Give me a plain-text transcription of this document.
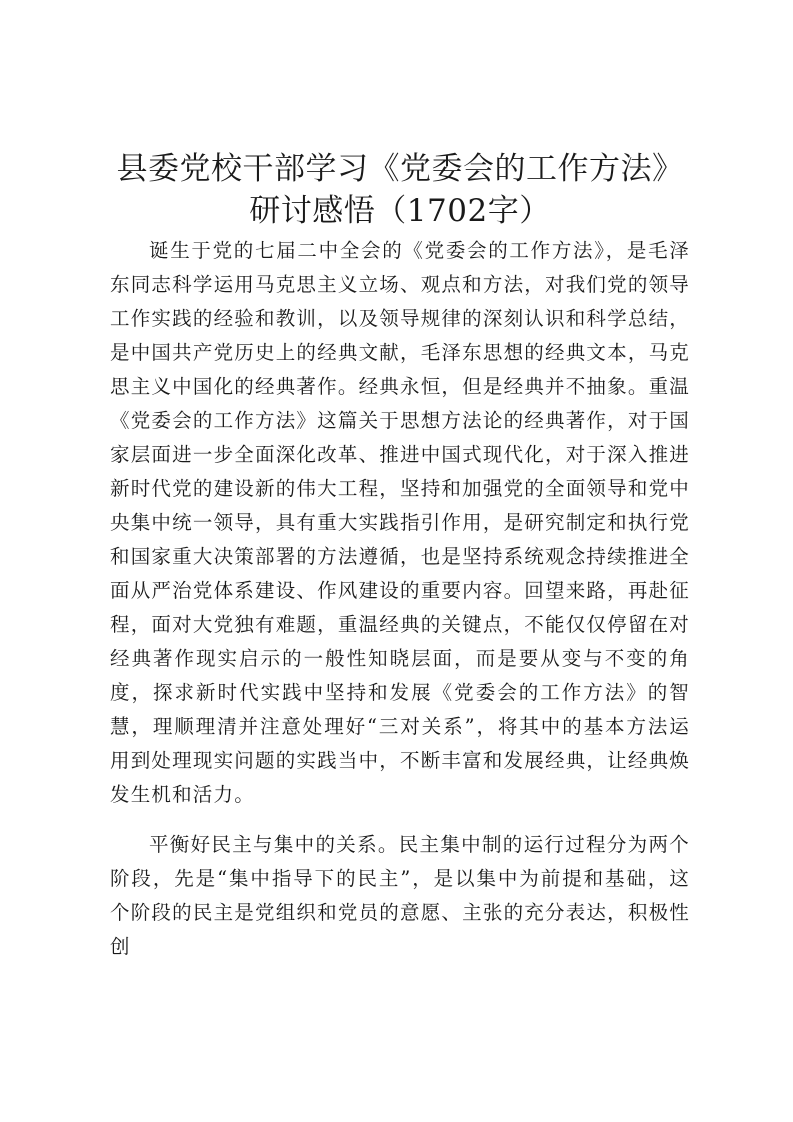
县委党校干部学习《党委会的工作方法》研讨感悟（1702字）

诞生于党的七届二中全会的《党委会的工作方法》，是毛泽东同志科学运用马克思主义立场、观点和方法，对我们党的领导工作实践的经验和教训，以及领导规律的深刻认识和科学总结，是中国共产党历史上的经典文献，毛泽东思想的经典文本，马克思主义中国化的经典著作。经典永恒，但是经典并不抽象。重温《党委会的工作方法》这篇关于思想方法论的经典著作，对于国家层面进一步全面深化改革、推进中国式现代化，对于深入推进新时代党的建设新的伟大工程，坚持和加强党的全面领导和党中央集中统一领导，具有重大实践指引作用，是研究制定和执行党和国家重大决策部署的方法遵循，也是坚持系统观念持续推进全面从严治党体系建设、作风建设的重要内容。回望来路，再赴征程，面对大党独有难题，重温经典的关键点，不能仅仅停留在对经典著作现实启示的一般性知晓层面，而是要从变与不变的角度，探求新时代实践中坚持和发展《党委会的工作方法》的智慧，理顺理清并注意处理好“三对关系”，将其中的基本方法运用到处理现实问题的实践当中，不断丰富和发展经典，让经典焕发生机和活力。

平衡好民主与集中的关系。民主集中制的运行过程分为两个阶段，先是“集中指导下的民主”，是以集中为前提和基础，这个阶段的民主是党组织和党员的意愿、主张的充分表达，积极性创
